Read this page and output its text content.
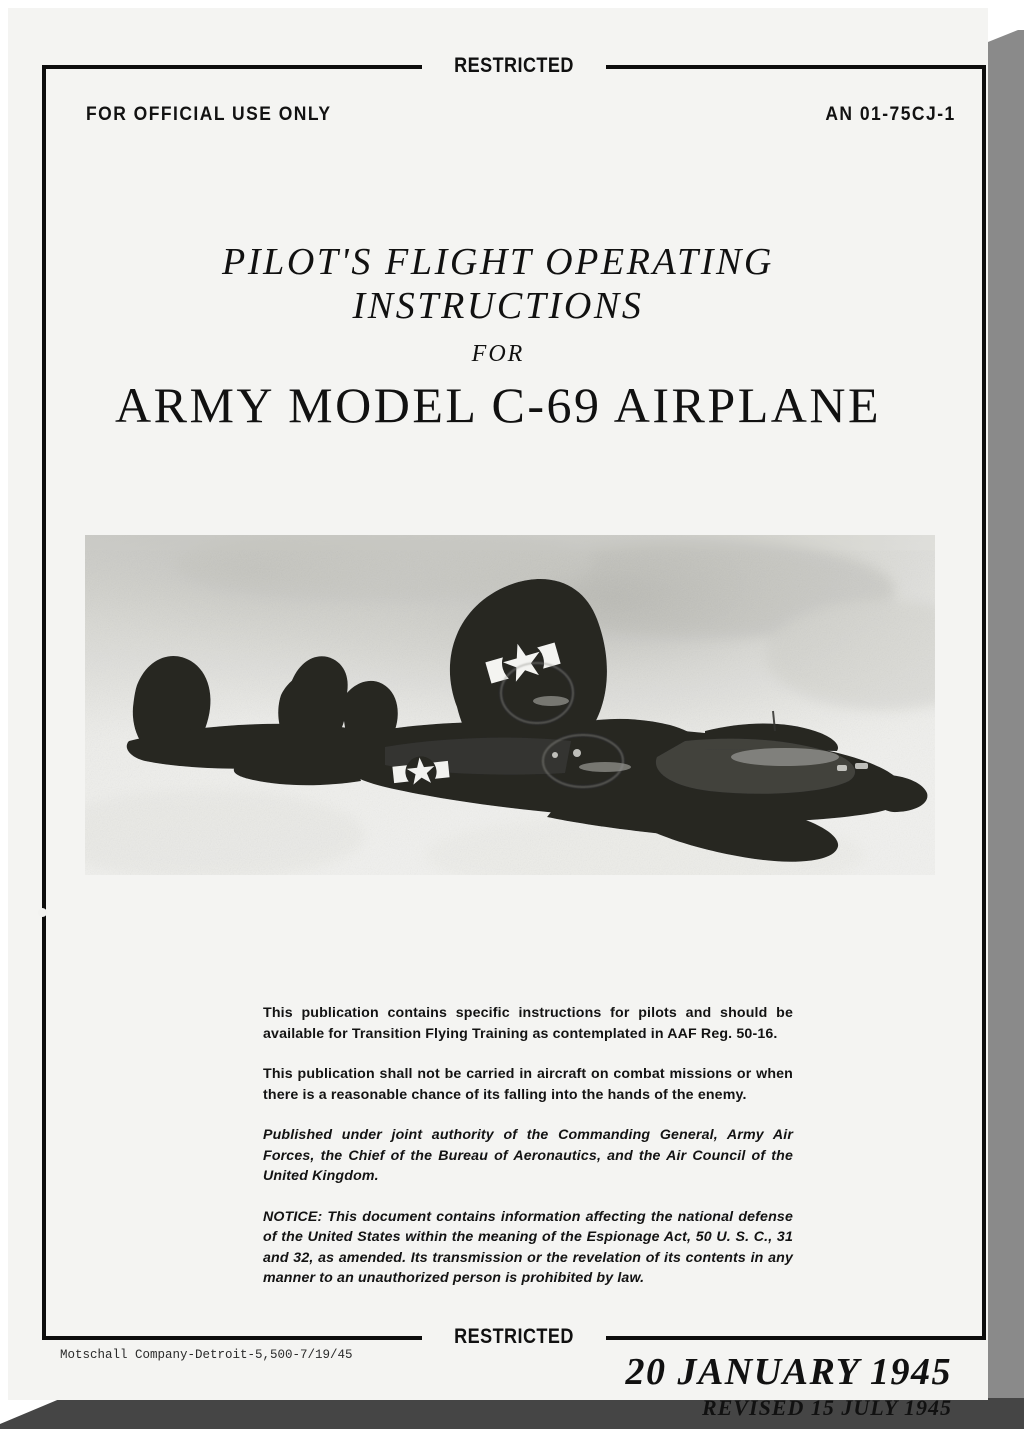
RESTRICTED
RESTRICTED
FOR OFFICIAL USE ONLY	AN 01-75CJ-1
PILOT'S FLIGHT OPERATING
INSTRUCTIONS
FOR
ARMY MODEL C-69 AIRPLANE

This publication contains specific instructions for pilots and should be available for Transition Flying Training as contemplated in AAF Reg. 50-16.

This publication shall not be carried in aircraft on combat missions or when there is a reasonable chance of its falling into the hands of the enemy.

Published under joint authority of the Commanding General, Army Air Forces, the Chief of the Bureau of Aeronautics, and the Air Council of the United Kingdom.

NOTICE: This document contains information affecting the national defense of the United States within the meaning of the Espionage Act, 50 U. S. C., 31 and 32, as amended. Its transmission or the revelation of its contents in any manner to an unauthorized person is prohibited by law.

Motschall Company-Detroit-5,500-7/19/45	20 JANUARY 1945
REVISED 15 JULY 1945
